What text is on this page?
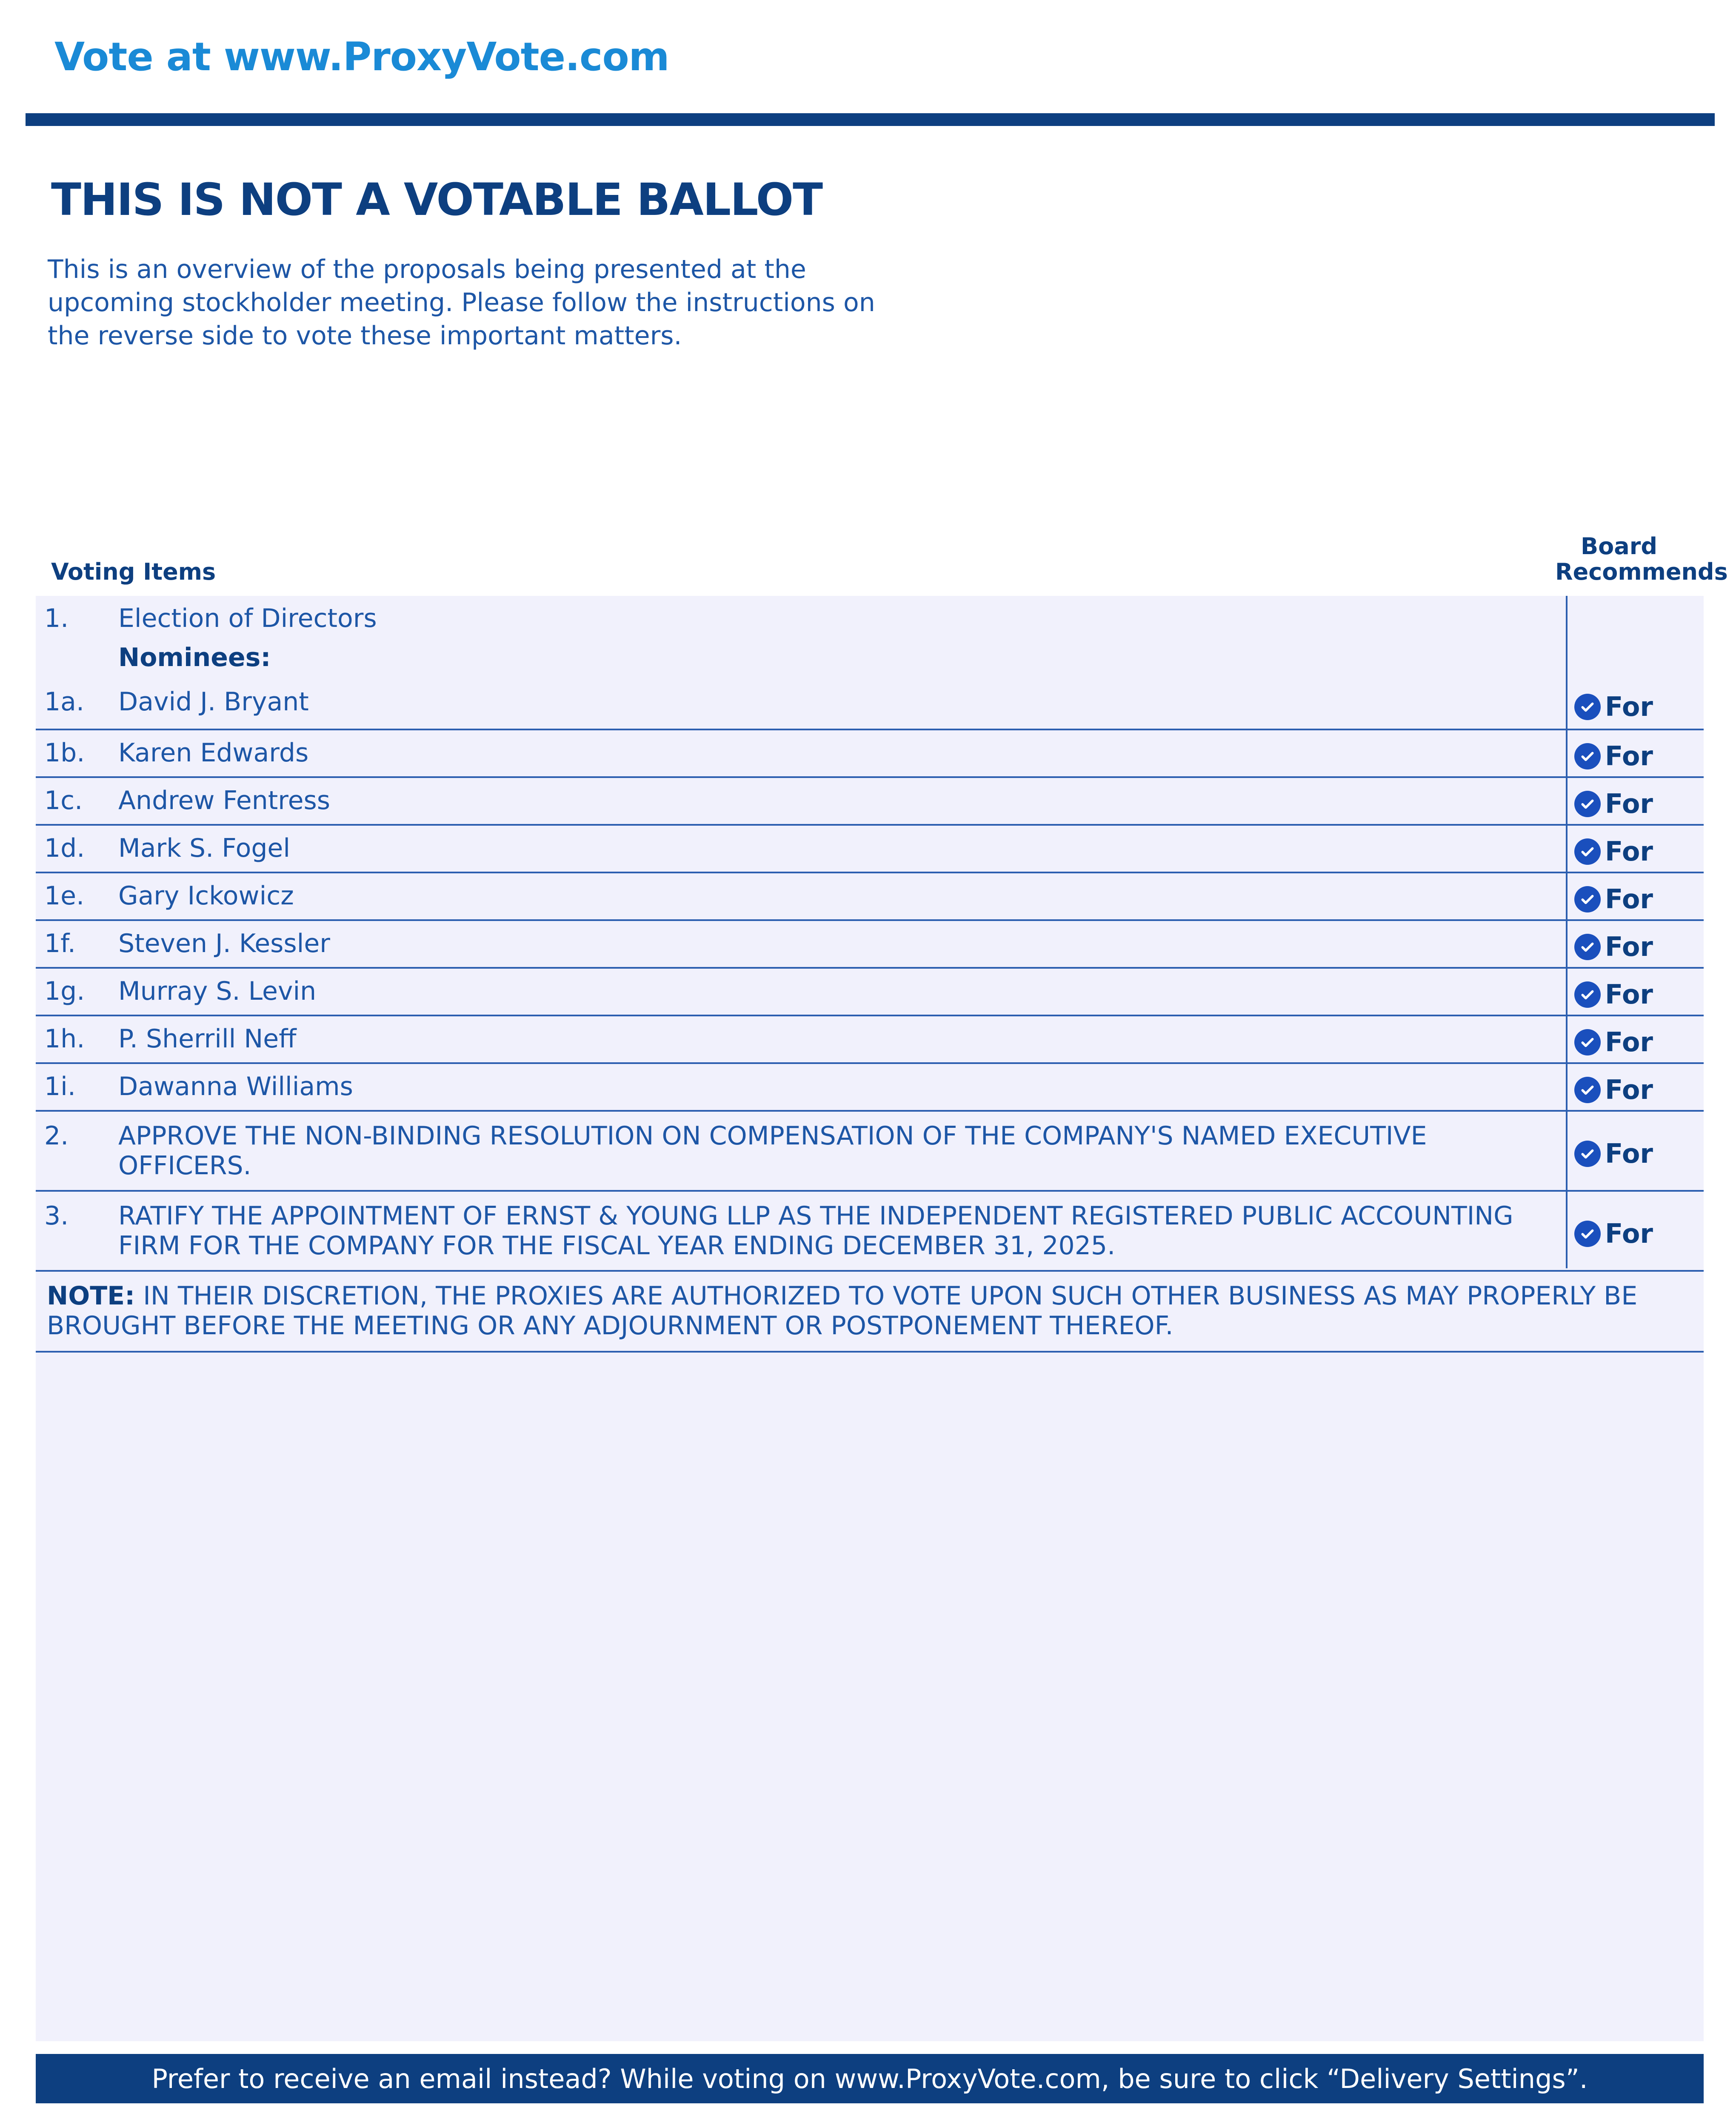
Vote at www.ProxyVote.com
THIS IS NOT A VOTABLE BALLOT

This is an overview of the proposals being presented at the upcoming stockholder meeting. Please follow the instructions on the reverse side to vote these important matters.

Voting Items
Board Recommends
1. Election of Directors
Nominees:
1a. David J. Bryant	For
1b. Karen Edwards	For
1c. Andrew Fentress	For
1d. Mark S. Fogel	For
1e. Gary Ickowicz	For
1f. Steven J. Kessler	For
1g. Murray S. Levin	For
1h. P. Sherrill Neff	For
1i. Dawanna Williams	For
2. APPROVE THE NON-BINDING RESOLUTION ON COMPENSATION OF THE COMPANY'S NAMED EXECUTIVE OFFICERS.	For
3. RATIFY THE APPOINTMENT OF ERNST & YOUNG LLP AS THE INDEPENDENT REGISTERED PUBLIC ACCOUNTING FIRM FOR THE COMPANY FOR THE FISCAL YEAR ENDING DECEMBER 31, 2025.	For
NOTE: IN THEIR DISCRETION, THE PROXIES ARE AUTHORIZED TO VOTE UPON SUCH OTHER BUSINESS AS MAY PROPERLY BE BROUGHT BEFORE THE MEETING OR ANY ADJOURNMENT OR POSTPONEMENT THEREOF.
Prefer to receive an email instead? While voting on www.ProxyVote.com, be sure to click “Delivery Settings”.
